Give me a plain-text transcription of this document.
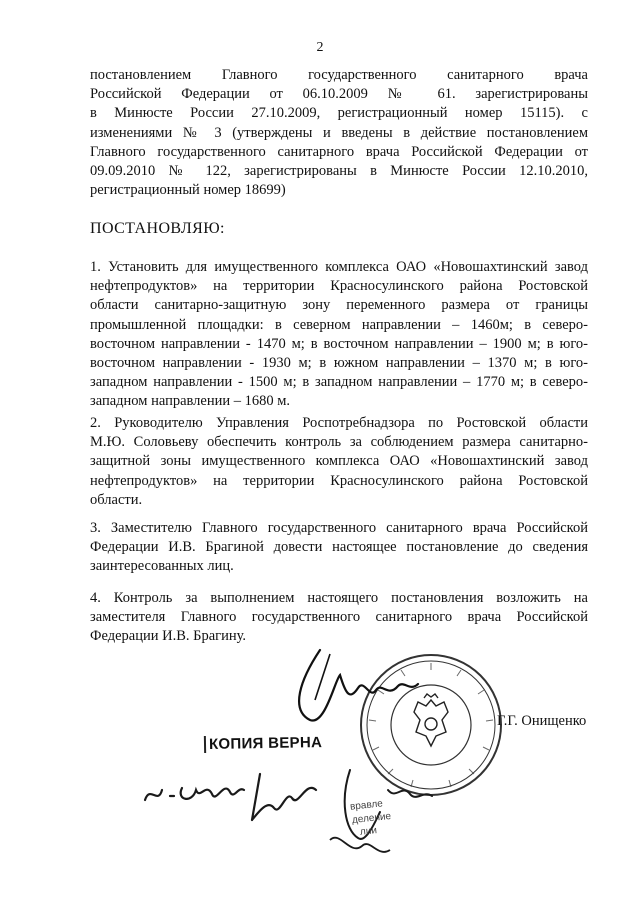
2
постановлением Главного государственного санитарного врача
Российской Федерации от 06.10.2009 № 61. зарегистрированы
в Минюсте России 27.10.2009, регистрационный номер 15115). с
изменениями № 3 (утверждены и введены в действие постановлением
Главного государственного санитарного врача Российской Федерации от
09.09.2010 № 122, зарегистрированы в Минюсте России 12.10.2010,
регистрационный номер 18699)
ПОСТАНОВЛЯЮ:
1. Установить для имущественного комплекса ОАО «Новошахтинский завод
нефтепродуктов» на территории Красносулинского района Ростовской
области санитарно-защитную зону переменного размера от границы
промышленной площадки: в северном направлении – 1460м; в северо-
восточном направлении - 1470 м; в восточном направлении – 1900 м; в юго-
восточном направлении - 1930 м; в южном направлении – 1370 м; в юго-
западном направлении - 1500 м; в западном направлении – 1770 м; в северо-
западном направлении – 1680 м.
2. Руководителю Управления Роспотребнадзора по Ростовской области
М.Ю. Соловьеву обеспечить контроль за соблюдением размера санитарно-
защитной зоны имущественного комплекса ОАО «Новошахтинский завод
нефтепродуктов» на территории Красносулинского района Ростовской
области.
3. Заместителю Главного государственного санитарного врача Российской
Федерации И.В. Брагиной довести настоящее постановление до сведения
заинтересованных лиц.
4. Контроль за выполнением настоящего постановления возложить на
заместителя Главного государственного санитарного врача Российской
Федерации И.В. Брагину.
Г.Г. Онищенко
КОПИЯ ВЕРНА
вравле
деление
лии
